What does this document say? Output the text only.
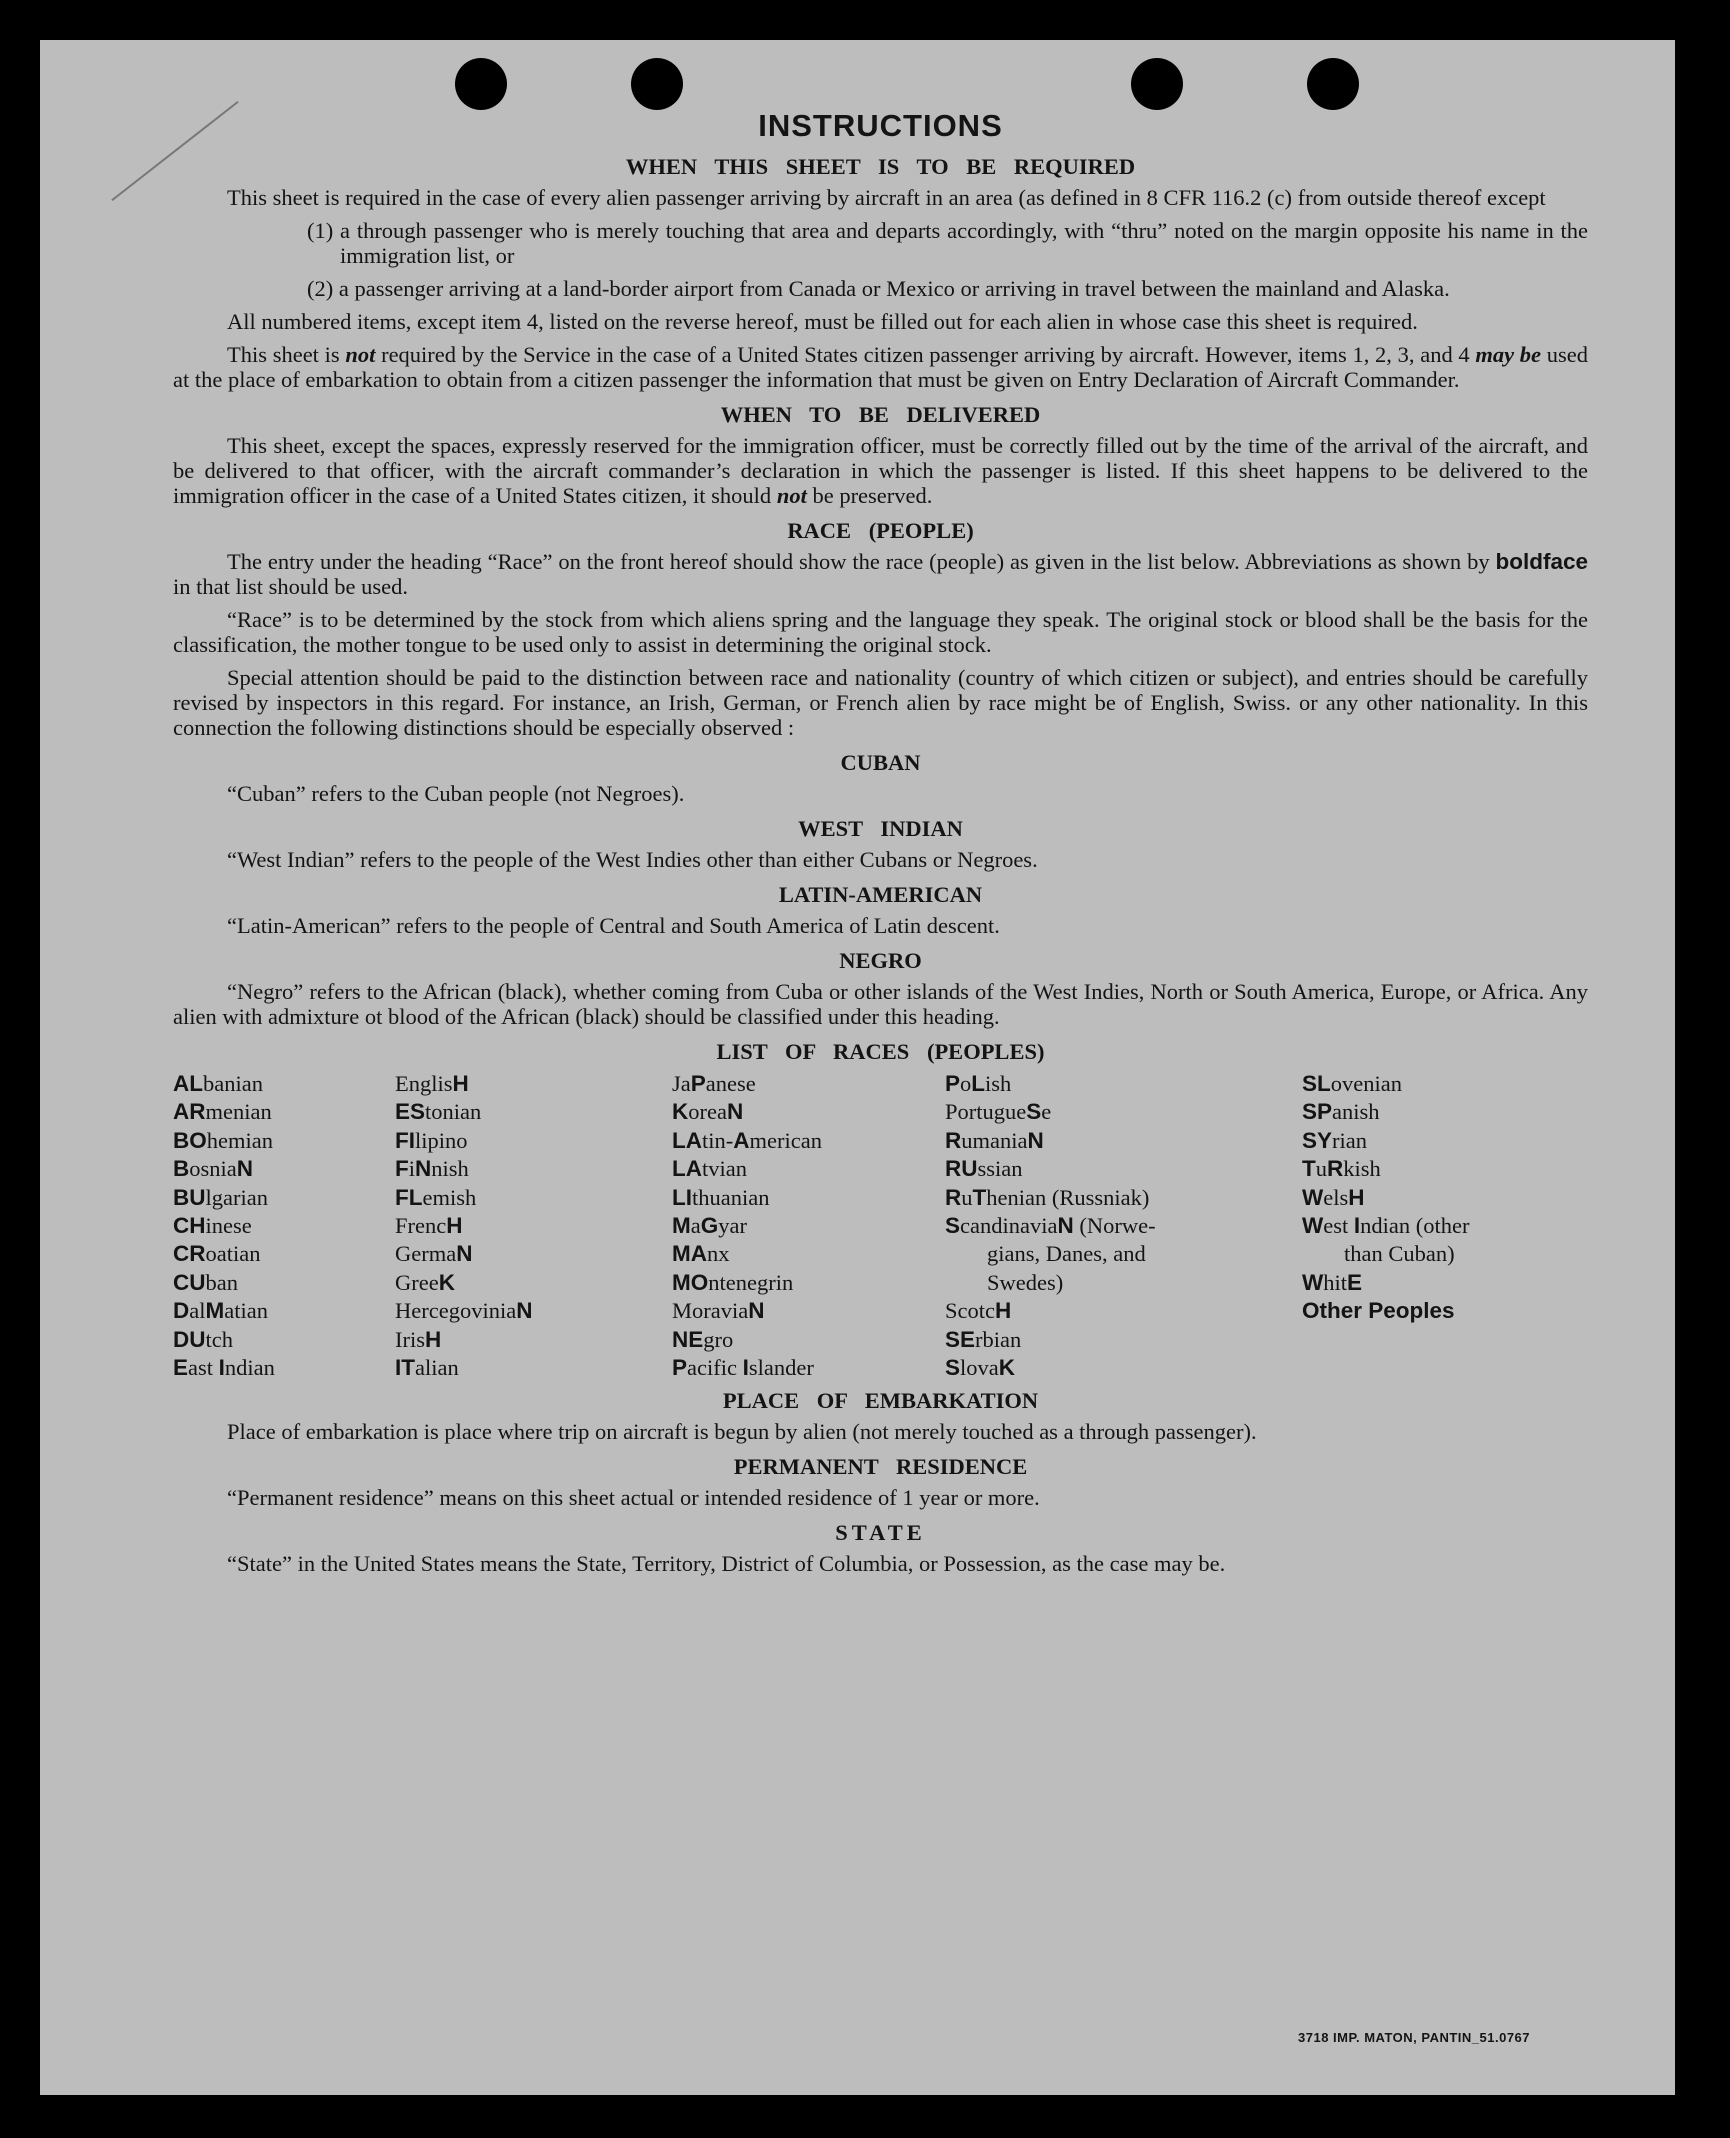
INSTRUCTIONS
WHEN THIS SHEET IS TO BE REQUIRED

This sheet is required in the case of every alien passenger arriving by aircraft in an area (as defined in 8 CFR 116.2 (c) from outside thereof except

(1) a through passenger who is merely touching that area and departs accordingly, with “thru” noted on the margin opposite his name in the immigration list, or

(2) a passenger arriving at a land-border airport from Canada or Mexico or arriving in travel between the mainland and Alaska.

All numbered items, except item 4, listed on the reverse hereof, must be filled out for each alien in whose case this sheet is required.

This sheet is not required by the Service in the case of a United States citizen passenger arriving by aircraft. However, items 1, 2, 3, and 4 may be used at the place of embarkation to obtain from a citizen passenger the information that must be given on Entry Declaration of Aircraft Commander.

WHEN TO BE DELIVERED

This sheet, except the spaces, expressly reserved for the immigration officer, must be correctly filled out by the time of the arrival of the aircraft, and be delivered to that officer, with the aircraft commander’s declaration in which the passenger is listed. If this sheet happens to be delivered to the immigration officer in the case of a United States citizen, it should not be preserved.

RACE (PEOPLE)

The entry under the heading “Race” on the front hereof should show the race (people) as given in the list below. Abbreviations as shown by boldface in that list should be used.

“Race” is to be determined by the stock from which aliens spring and the language they speak. The original stock or blood shall be the basis for the classification, the mother tongue to be used only to assist in determining the original stock.

Special attention should be paid to the distinction between race and nationality (country of which citizen or subject), and entries should be carefully revised by inspectors in this regard. For instance, an Irish, German, or French alien by race might be of English, Swiss. or any other nationality. In this connection the following distinctions should be especially observed :

CUBAN

“Cuban” refers to the Cuban people (not Negroes).

WEST INDIAN

“West Indian” refers to the people of the West Indies other than either Cubans or Negroes.

LATIN-AMERICAN

“Latin-American” refers to the people of Central and South America of Latin descent.

NEGRO

“Negro” refers to the African (black), whether coming from Cuba or other islands of the West Indies, North or South America, Europe, or Africa. Any alien with admixture ot blood of the African (black) should be classified under this heading.

LIST OF RACES (PEOPLES)
ALbanian
ARmenian
BOhemian
BosniaN
BUlgarian
CHinese
CRoatian
CUban
DalMatian
DUtch
East Indian
EnglisH
EStonian
FIlipino
FiNnish
FLemish
FrencH
GermaN
GreeK
HercegoviniaN
IrisH
ITalian
JaPanese
KoreaN
LAtin-American
LAtvian
LIthuanian
MaGyar
MAnx
MOntenegrin
MoraviaN
NEgro
Pacific Islander
PoLish
PortugueSe
RumaniaN
RUssian
RuThenian (Russniak)
ScandinaviaN (Norwe-
gians, Danes, and
Swedes)
ScotcH
SErbian
SlovaK
SLovenian
SPanish
SYrian
TuRkish
WelsH
West Indian (other
than Cuban)
WhitE
Other Peoples
PLACE OF EMBARKATION

Place of embarkation is place where trip on aircraft is begun by alien (not merely touched as a through passenger).

PERMANENT RESIDENCE

“Permanent residence” means on this sheet actual or intended residence of 1 year or more.

STATE

“State” in the United States means the State, Territory, District of Columbia, or Possession, as the case may be.

3718 IMP. MATON, PANTIN_51.0767
